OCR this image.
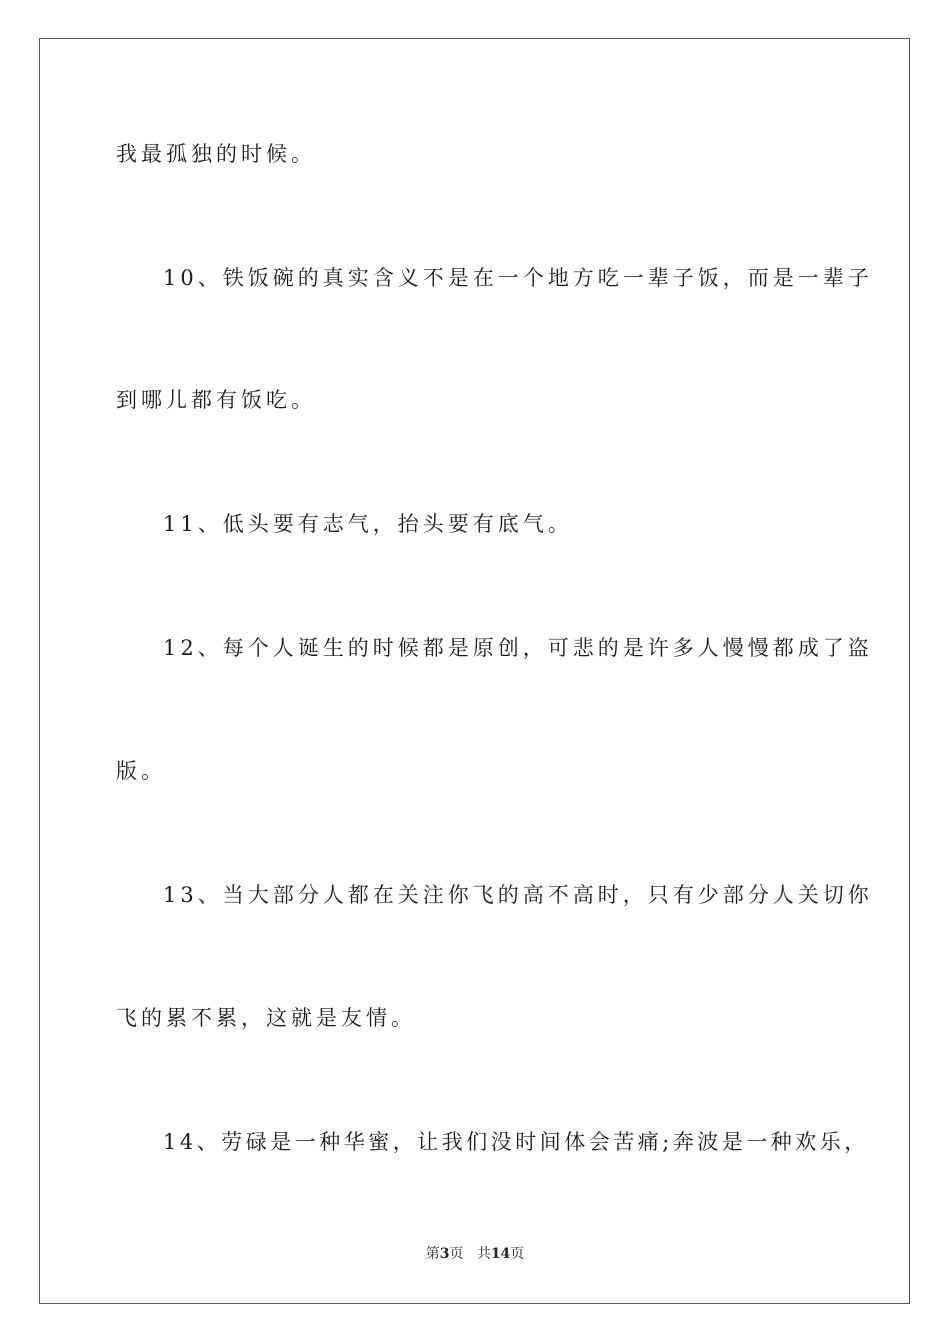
我最孤独的时候。
10、铁饭碗的真实含义不是在一个地方吃一辈子饭，而是一辈子
到哪儿都有饭吃。
11、低头要有志气，抬头要有底气。
12、每个人诞生的时候都是原创，可悲的是许多人慢慢都成了盗
版。
13、当大部分人都在关注你飞的高不高时，只有少部分人关切你
飞的累不累，这就是友情。
14、劳碌是一种华蜜，让我们没时间体会苦痛;奔波是一种欢乐，
第3页 共14页
